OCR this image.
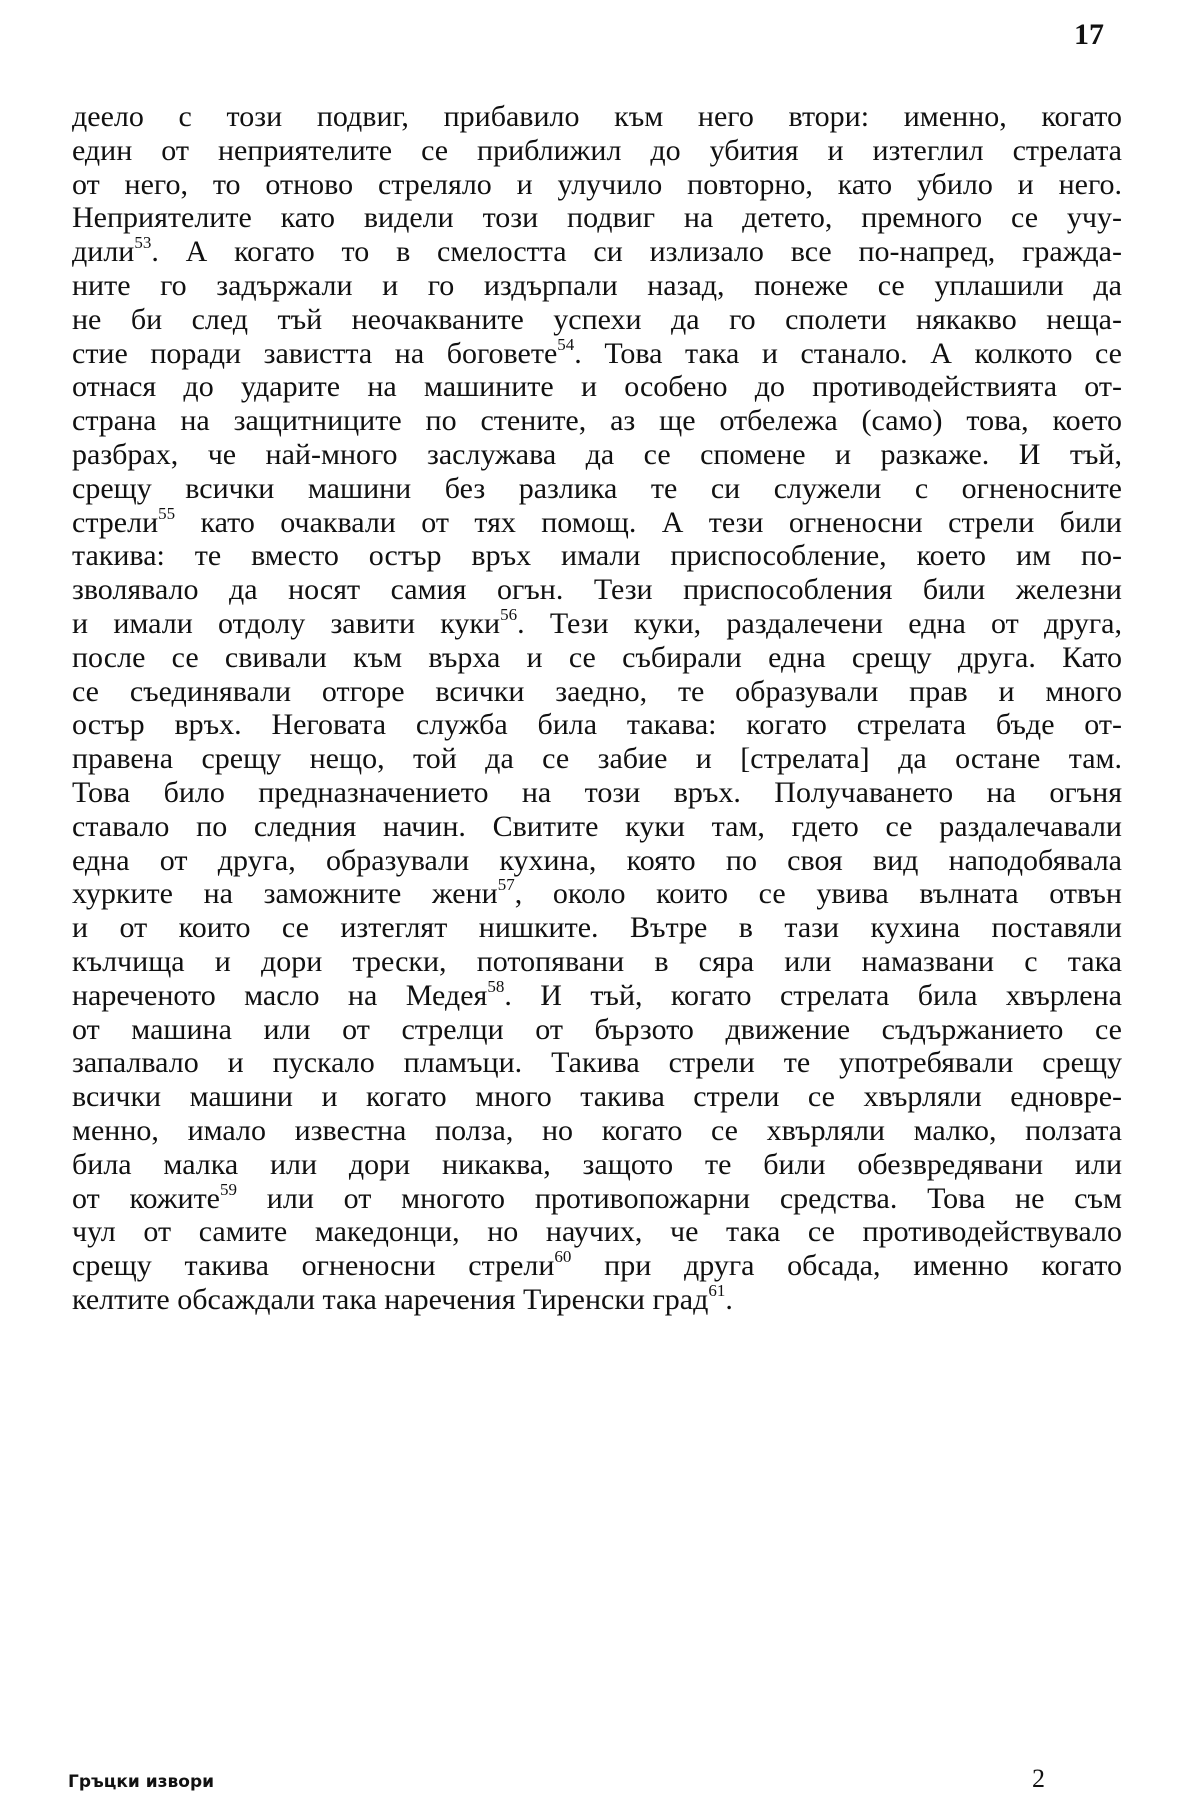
17
деело с този подвиг, прибавило към него втори: именно, когато
един от неприятелите се приближил до убития и изтеглил стрелата
от него, то отново стреляло и улучило повторно, като убило и него.
Неприятелите като видели този подвиг на детето, премного се учу-
дили$^{53}$. А когато то в смелостта си излизало все по-напред, гражда-
ните го задържали и го издърпали назад, понеже се уплашили да
не би след тъй неочакваните успехи да го сполети някакво нещa-
стие поради завистта на боговете$^{54}$. Това така и станало. А колкото се
отнася до ударите на машините и особено до противодействията от-
страна на защитниците по стените, аз ще отбележа (само) това, което
разбрах, че най-много заслужава да се спомене и разкаже. И тъй,
срещу всички машини без разлика те си служели с огненосните
стрели$^{55}$ като очаквали от тях помощ. А тези огненосни стрели били
такива: те вместо остър връх имали приспособление, което им по-
зволявало да носят самия огън. Тези приспособления били железни
и имали отдолу завити куки$^{56}$. Тези куки, раздалечени една от друга,
после се свивали към върха и се събирали една срещу друга. Като
се съединявали отгоре всички заедно, те образували прав и много
остър връх. Неговата служба била такава: когато стрелата бъде от-
правена срещу нещо, той да се забие и [стрелата] да остане там.
Това било предназначението на този връх. Получаването на огъня
ставало по следния начин. Свитите куки там, гдето се раздалечавали
една от друга, образували кухина, която по своя вид наподобявала
хурките на заможните жени$^{57}$, около които се увива вълната отвън
и от които се изтеглят нишките. Вътре в тази кухина поставяли
кълчища и дори трески, потопявани в сяра или намазвани с така
нареченото масло на Медея$^{58}$. И тъй, когато стрелата била хвърлена
от машина или от стрелци от бързото движение съдържанието се
запалвало и пускало пламъци. Такива стрели те употребявали срещу
всички машини и когато много такива стрели се хвърляли едновре-
менно, имало известна полза, но когато се хвърляли малко, ползата
била малка или дори никаква, защото те били обезвредявани или
от кожите$^{59}$ или от многото противопожарни средства. Това не съм
чул от самите македонци, но научих, че така се противодействувало
срещу такива огненосни стрели$^{60}$ при друга обсада, именно когато
келтите обсаждали така наречения Тиренски град$^{61}$.
Гръцки извори	2
